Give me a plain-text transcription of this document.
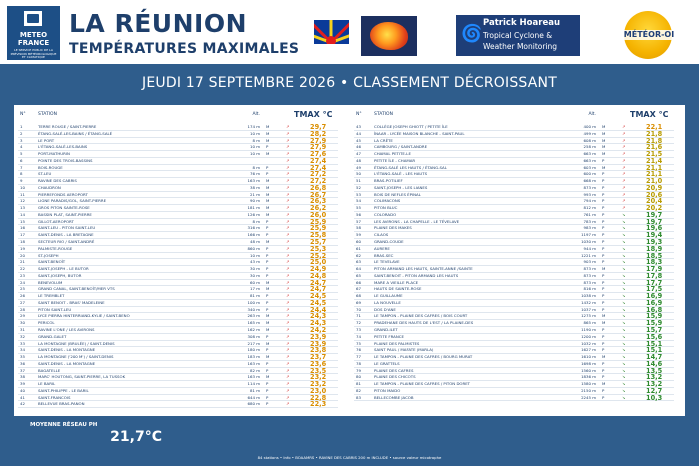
METEO
FRANCE
LE SERVICE PUBLIC DE LA PRÉVISION MÉTÉOROLOGIQUE ET CLIMATIQUE
LA RÉUNION
TEMPÉRATURES MAXIMALES
🌀
Patrick Hoareau
Tropical Cyclone &
Weather Monitoring
MÉTÉOR-OI
JEUDI 17 SEPTEMBRE 2026 • CLASSEMENT DÉCROISSANT
N°	STATION	Alt.	TMAX °C
1	TERRE ROUGE / SAINT-PIERRE	174 m M	↗	29,7
2	ÉTANG-SALÉ-LES-BAINS / ÉTANG-SALÉ	10 m M	↗	28,2
3	LE PORT	8 m M	↗	27,9
4	L'ÉTANG-SALÉ-LES-BAINS	10 m P	↗	27,9
5	PORT-MATHURIN	10 m M	↗	27,6
6	POINTE DES TROIS-BASSINS	↗	27,4
7	BOIS-ROUGE	8 m P	↗	27,4
8	ST-LEU	76 m P	↗	27,2
9	RAVINE DES CABRIS	163 m M	↗	27,2
10	CHAUDRON	38 m M	↗	26,8
11	PIERREFONDS AEROPORT	21 m M	↗	26,7
12	LIGNE PARADIS/GOL, SAINT-PIERRE	90 m M	↗	26,3
13	GROS PITON SAINTE-ROSE	181 m M	↗	26,2
14	BASSIN PLAT, SAINT-PIERRE	126 m M	↗	26,0
15	GILLOT-AEROPORT	8 m P	↗	25,9
16	SAINT-LEU - PITON SAINT-LEU	316 m P	↗	25,9
17	SAINT-DENIS - LA BRETAGNE	166 m P	↗	25,8
18	SECTEUR RIO / SAINT-ANDRÉ	48 m M	↗	25,7
19	PALMISTE-ROUGE	860 m P	↗	25,3
20	ST-JOSEPH	10 m P	↗	25,2
21	SAINT-BENOÎT	43 m P	↗	25,0
22	SAINT-JOSEPH - LE BUTOR	30 m P	↗	24,9
23	SAINT-JOSEPH, BUTOR	30 m P	↗	24,8
24	BENEVOLUM	60 m M	↗	24,7
25	GRAND CANAL, SAINT-BENOÎT/MER VTS	17 m M	↗	24,7
26	LE TREMBLET	81 m P	↗	24,5
27	SAINT BENOIT - BRAS' MADELEINE	100 m P	↗	24,5
28	PITON SAINT-LEU	340 m P	↗	24,4
29	LYCE PIERRA HINTERRIAND-KYLIE / SAINT-BENO	263 m M	↗	24,3
30	PERICOL	165 m M	↗	24,3
31	RAVINE L'ONE / LES AVIRONS	162 m M	↗	24,2
32	GRAND-GALET	308 m P	↗	23,9
33	LA MONTAGNE (BRULÉE) / SAINT-DENIS	217 m M	↗	23,9
34	SAINT-DENIS - LA MONTAGNE	180 m P	↗	23,8
35	LA MONTAGNE ('200 M') / SAINT-DENIS	183 m M	↗	23,7
36	SAINT-DENIS - LA MONTAGNE	163 m P	↗	23,6
37	BAGATELLE	82 m P	↗	23,5
38	MARC' HOUTONG, SAINT-PIERRE, LA TUSSOK	163 m M	↗	23,2
39	LE BARIL	114 m P	↗	23,2
40	SAINT-PHILIPPE - LE BARIL	81 m P	↗	23,0
41	SAINT-FRANCOIS	644 m P	↗	22,8
42	BELLEVUE BRAS-PANON	680 m P	↗	22,3
N°	STATION	Alt.	TMAX °C
43	COLLÈGE JOSEPH GHIOTT / PETITE ÎLE	400 m M	↗	22,1
44	ÎNAAR - LYCÉE MAISON BLANCHE - SAINT-PAUL	499 m M	↗	21,8
45	LA CRÊTE	608 m M	↗	21,8
46	CAMBOURG / SAINT-ANDRE	258 m M	↗	21,6
47	CHAMAL PETITE-LE	663 m M	↗	21,5
48	PETITE ÎLE - CHAMAR	663 m P	↗	21,4
49	ÉTANG-SALÉ LES HAUTS / ÉTANG-SAL	603 m M	↗	21,1
50	L'ÉTANG-SALÉ - LES HAUTS	600 m P	↗	21,1
51	BRAS-POTILIEF	668 m P	↗	21,0
52	SAINT-JOSEPH - LES LIANES	873 m P	↗	20,9
53	BOIS DE NEFLES ÉPINAL	993 m P	↗	20,6
54	COLIMACONS	794 m P	↗	20,4
55	PITON BLUC	812 m P	↗	20,2
56	COLORADO	761 m P	↘	19,7
57	LES AVIRONS - LA CHAPELLE - LE TÉVELAVE	783 m P	↘	19,7
58	PLAINE DES MAKES	983 m P	↘	19,6
59	CILAOS	1197 m P	↘	19,4
60	GRAND-COUDE	1030 m P	↘	19,3
61	AURERE	944 m P	↘	18,9
62	BRAS-SEC	1221 m P	↘	18,5
63	LE TEVELAVE	903 m P	↘	18,3
64	PITON ARMAND LES HAUTS, SAINTE-ANNE /SAINTE	873 m M	↘	17,9
65	SAINT-BENOIT - PITON ARMAND LES HAUTS	873 m P	↘	17,8
66	MARE A VIEILLE PLACE	873 m P	↘	17,7
67	HAUTS DE SAINTE-ROSE	816 m P	↘	17,5
68	LE GUILLAUME	1038 m P	↘	16,9
69	LA NOUVELLE	1432 m P	↘	16,9
70	DOS D'ANE	1037 m P	↘	16,8
71	LE TAMPON - PLAINE DES CAFRES / BOIS COURT	1275 m M	↘	15,9
72	PRADEHANE DES HAUTS DE L'EST / LA PLAINE-DES	865 m M	↘	15,9
73	GRAND-ILET	1190 m P	↘	15,7
74	PETITE FRANCE	1200 m P	↘	15,6
75	PLAINE DES PALMISTES	1032 m P	↘	15,1
76	SAINT PAUL / MAFATE (MARLA)	1627 m P	↘	15,1
77	LE TAMPON - PLAINE DES CAFRES / BOURG MURAT	1610 m M	↘	14,7
78	LE GRATTELS	1698 m P	↘	14,6
79	PLAINE DES CAFRES	1560 m P	↘	13,5
80	PLAINE DES CHICOTS	1836 m P	↘	13,2
81	LE TAMPON - PLAINE DES CAFRES / PITON DORET	1580 m M	↘	13,2
82	PITON MAIDO	2150 m P	↘	12,7
83	BELLECOMBE JACOB	2245 m P	↘	10,3
MOYENNE RÉSEAU PH
21,7°C
84 stations • Info • BOAAMRS • RAVINE DES CABRIS 200 m INCLUDE • source valeur micotrophe
